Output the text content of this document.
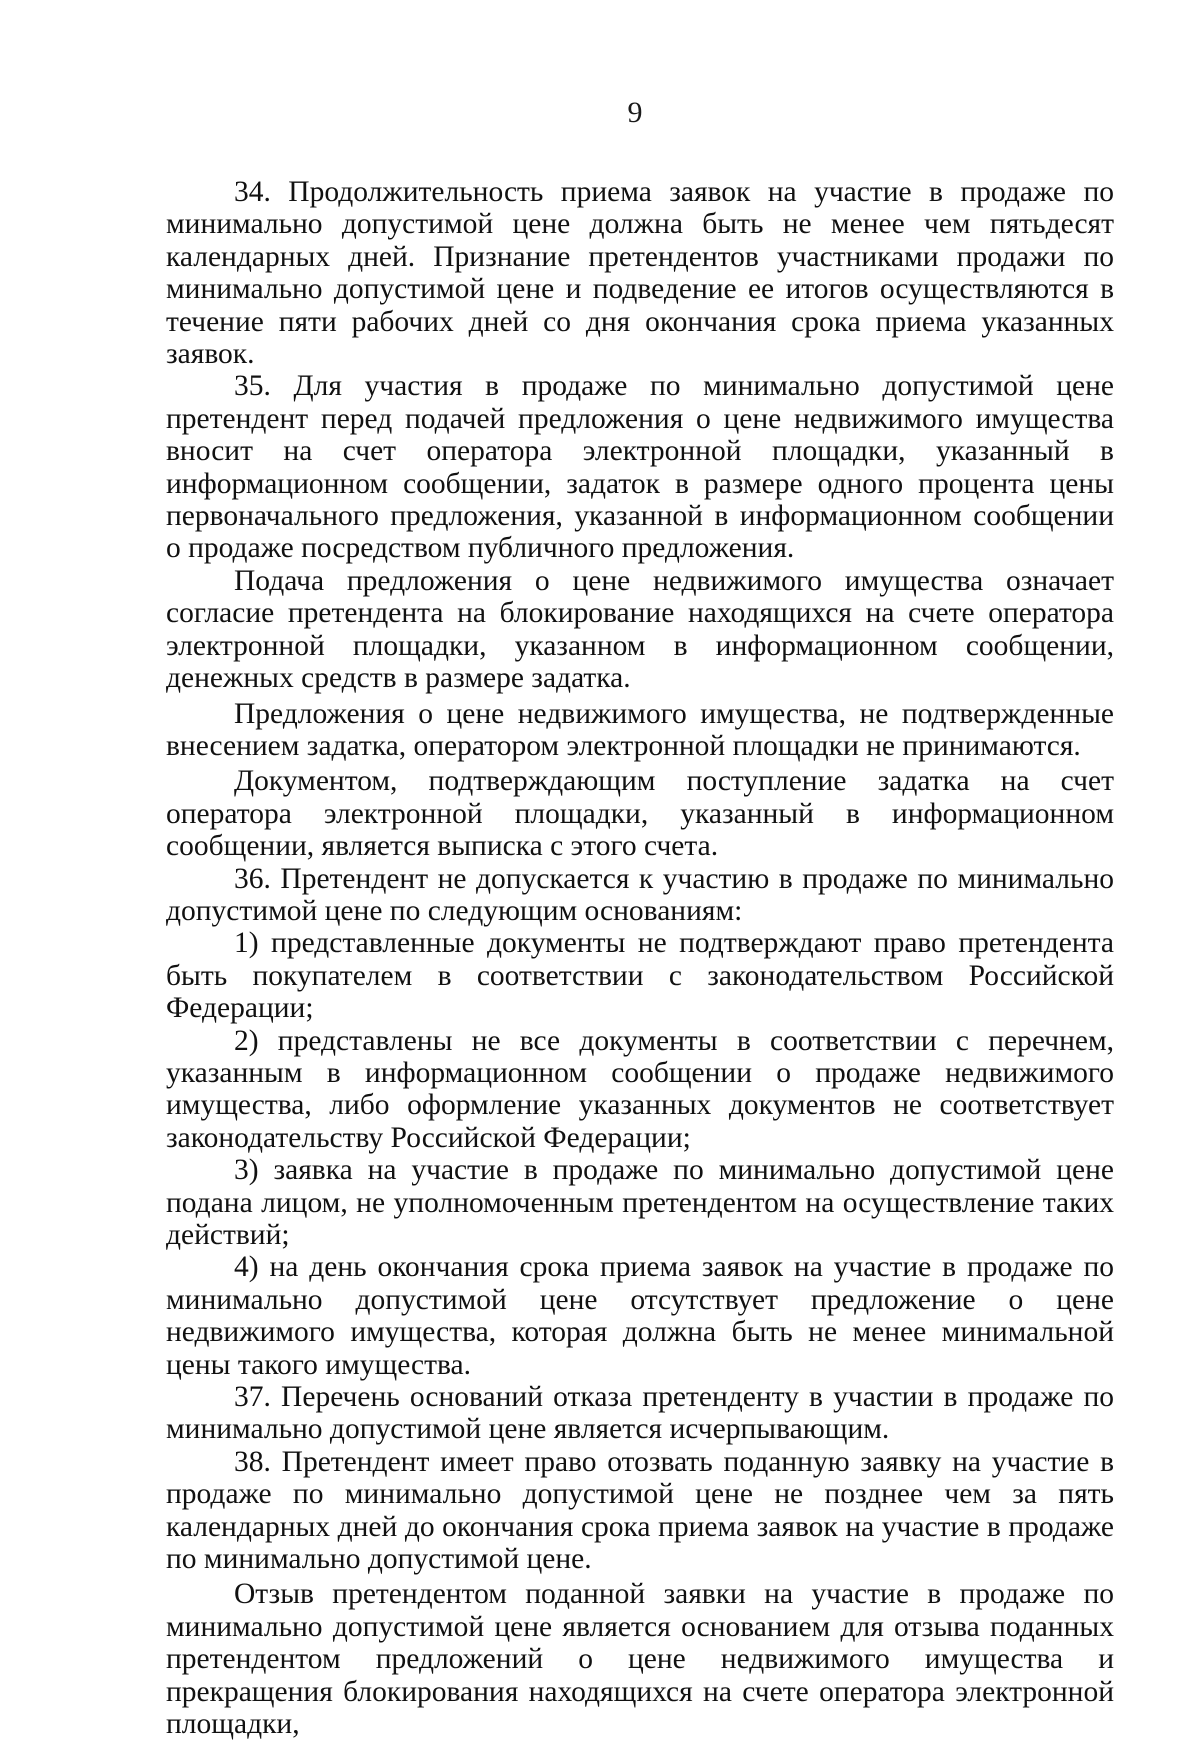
9

34. Продолжительность приема заявок на участие в продаже по минимально допустимой цене должна быть не менее чем пятьдесят календарных дней. Признание претендентов участниками продажи по минимально допустимой цене и подведение ее итогов осуществляются в течение пяти рабочих дней со дня окончания срока приема указанных заявок.

35. Для участия в продаже по минимально допустимой цене претендент перед подачей предложения о цене недвижимого имущества вносит на счет оператора электронной площадки, указанный в информационном сообщении, задаток в размере одного процента цены первоначального предложения, указанной в информационном сообщении о продаже посредством публичного предложения.

Подача предложения о цене недвижимого имущества означает согласие претендента на блокирование находящихся на счете оператора электронной площадки, указанном в информационном сообщении, денежных средств в размере задатка.

Предложения о цене недвижимого имущества, не подтвержденные внесением задатка, оператором электронной площадки не принимаются.

Документом, подтверждающим поступление задатка на счет оператора электронной площадки, указанный в информационном сообщении, является выписка с этого счета.

36. Претендент не допускается к участию в продаже по минимально допустимой цене по следующим основаниям:

1) представленные документы не подтверждают право претендента быть покупателем в соответствии с законодательством Российской Федерации;

2) представлены не все документы в соответствии с перечнем, указанным в информационном сообщении о продаже недвижимого имущества, либо оформление указанных документов не соответствует законодательству Российской Федерации;

3) заявка на участие в продаже по минимально допустимой цене подана лицом, не уполномоченным претендентом на осуществление таких действий;

4) на день окончания срока приема заявок на участие в продаже по минимально допустимой цене отсутствует предложение о цене недвижимого имущества, которая должна быть не менее минимальной цены такого имущества.

37. Перечень оснований отказа претенденту в участии в продаже по минимально допустимой цене является исчерпывающим.

38. Претендент имеет право отозвать поданную заявку на участие в продаже по минимально допустимой цене не позднее чем за пять календарных дней до окончания срока приема заявок на участие в продаже по минимально допустимой цене.

Отзыв претендентом поданной заявки на участие в продаже по минимально допустимой цене является основанием для отзыва поданных претендентом предложений о цене недвижимого имущества и прекращения блокирования находящихся на счете оператора электронной площадки,
